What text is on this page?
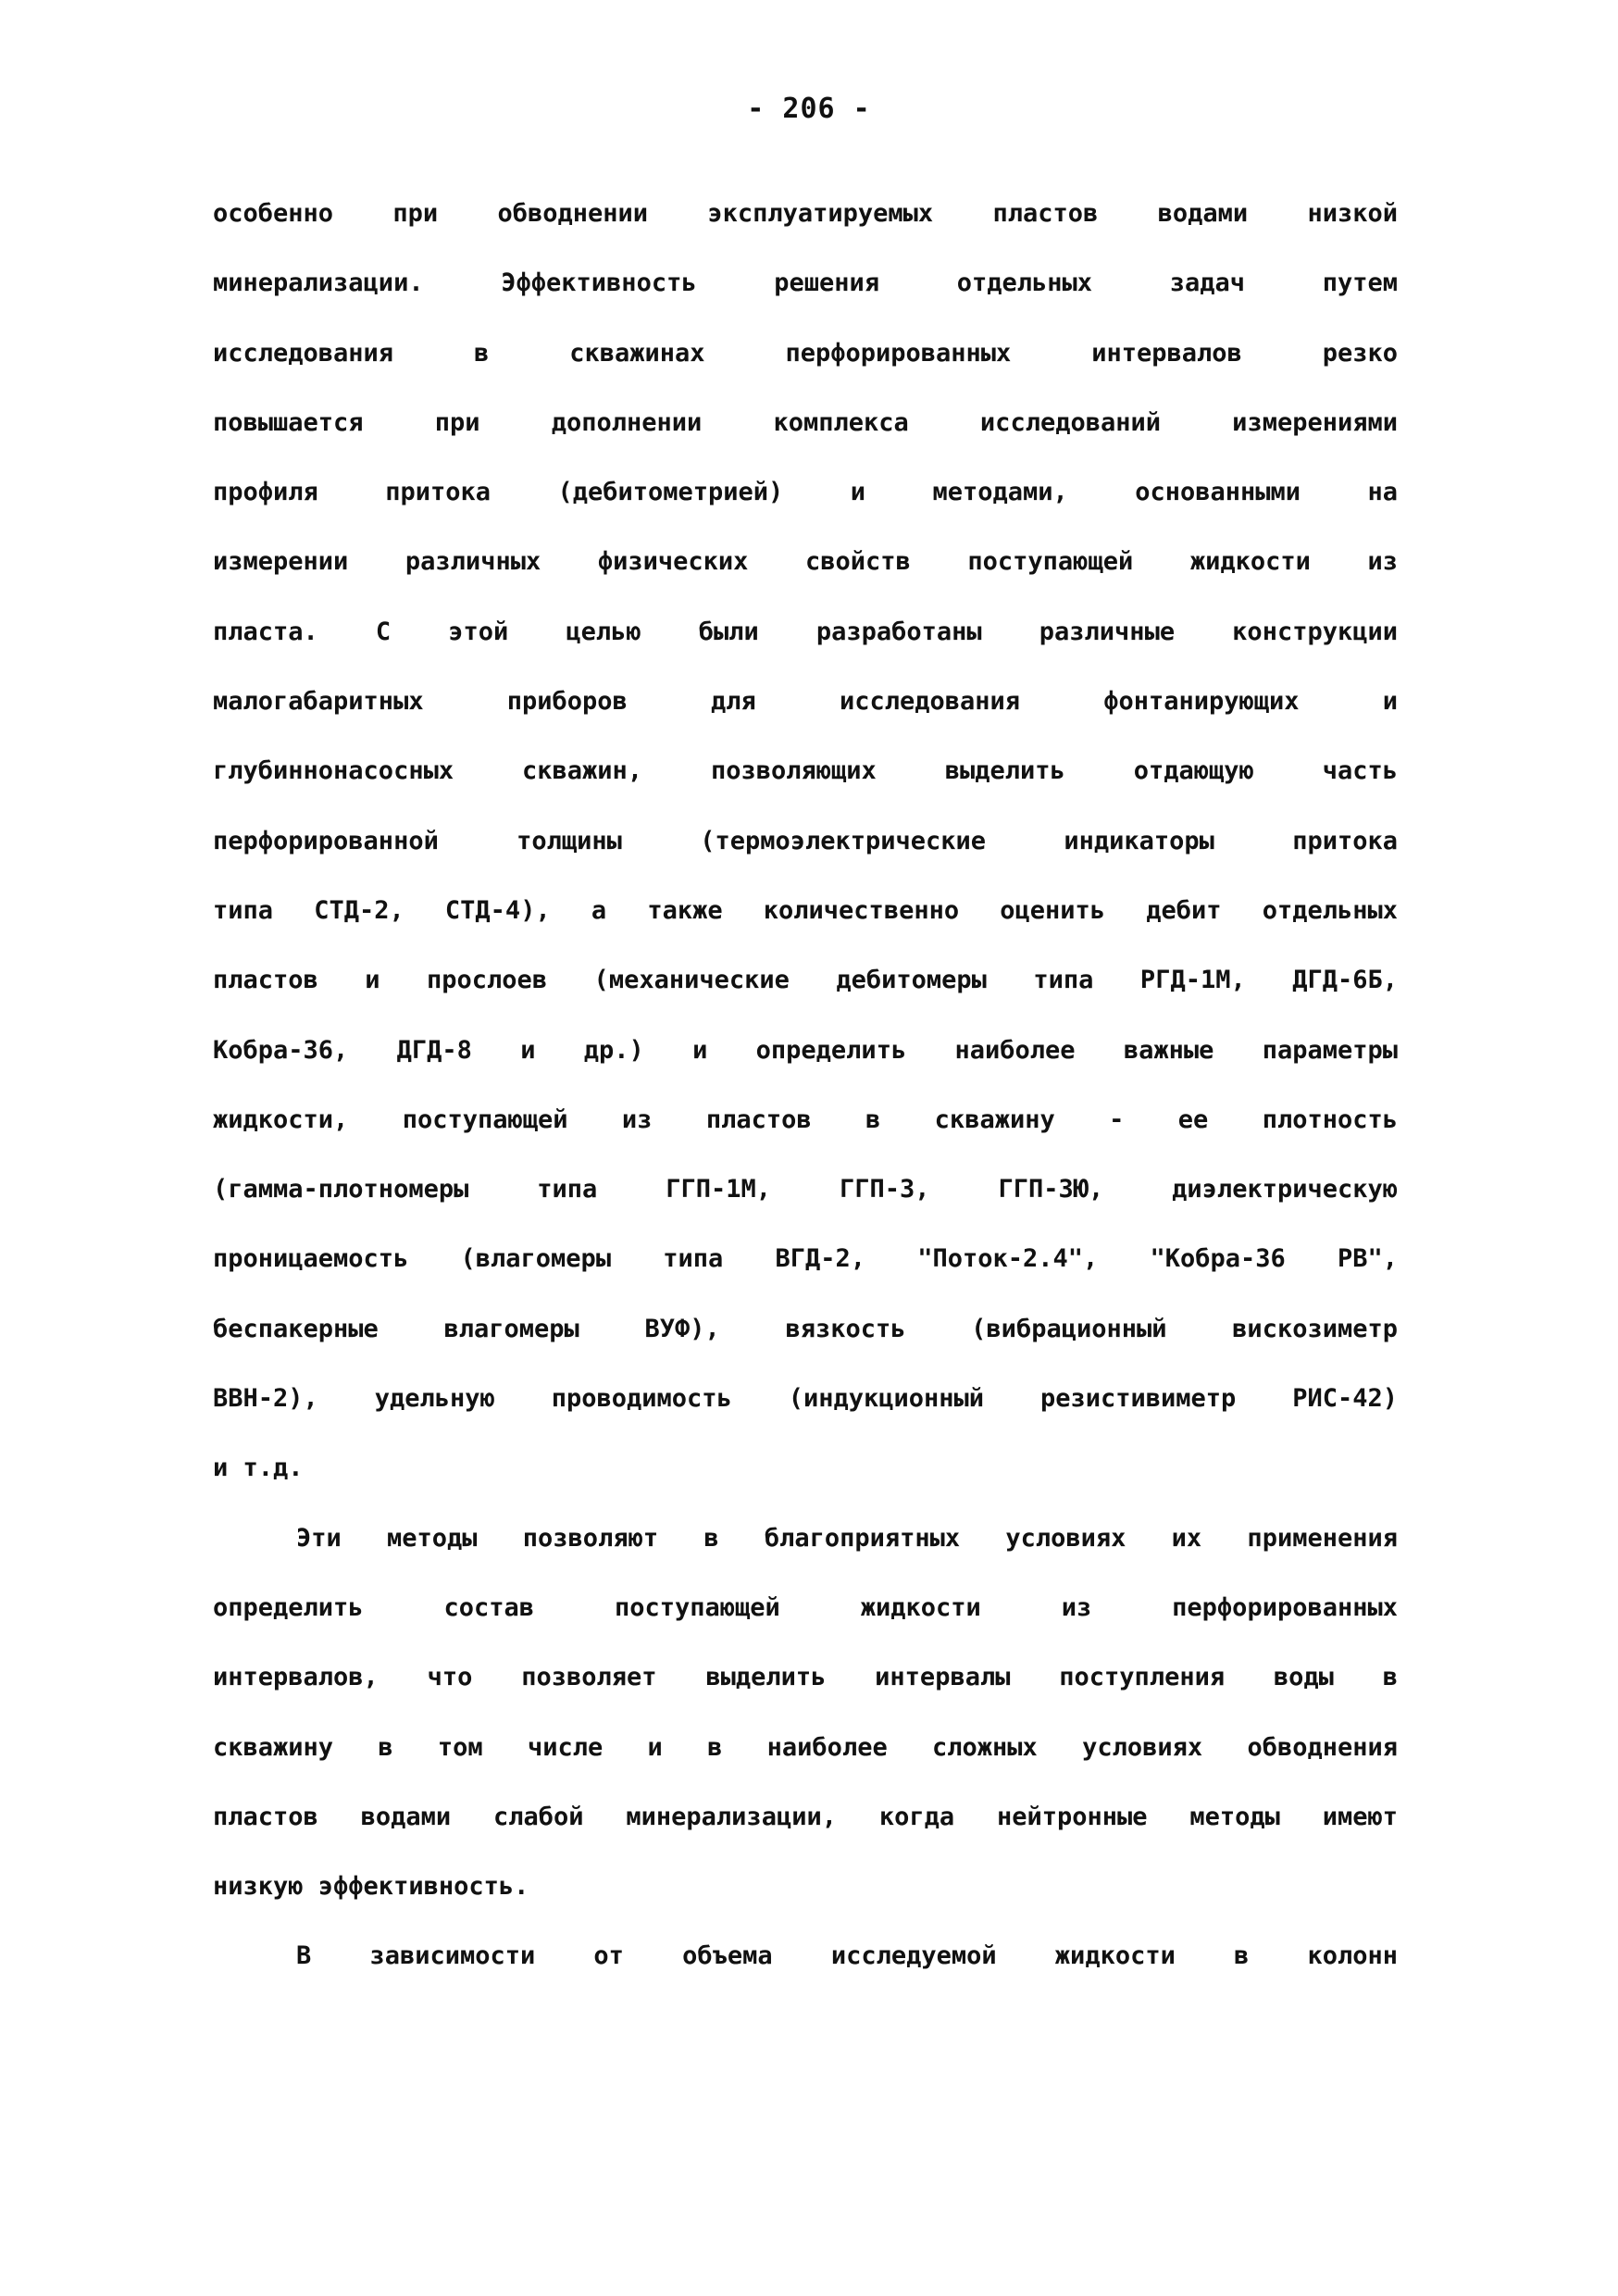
- 206 -
особенно при обводнении эксплуатируемых пластов водами низкой
минерализации. Эффективность решения отдельных задач путем
исследования в скважинах перфорированных интервалов резко
повышается при дополнении комплекса исследований измерениями
профиля притока (дебитометрией) и методами, основанными на
измерении различных физических свойств поступающей жидкости из
пласта. С этой целью были разработаны различные конструкции
малогабаритных приборов для исследования фонтанирующих и
глубиннонасосных скважин, позволяющих выделить отдающую часть
перфорированной толщины (термоэлектрические индикаторы притока
типа СТД-2, СТД-4), а также количественно оценить дебит отдельных
пластов и прослоев (механические дебитомеры типа РГД-1М, ДГД-6Б,
Кобра-36, ДГД-8 и др.) и определить наиболее важные параметры
жидкости, поступающей из пластов в скважину - ее плотность
(гамма-плотномеры типа ГГП-1М, ГГП-3, ГГП-3Ю, диэлектрическую
проницаемость (влагомеры типа ВГД-2, "Поток-2.4", "Кобра-36 РВ",
беспакерные влагомеры ВУФ), вязкость (вибрационный вискозиметр
ВВН-2), удельную проводимость (индукционный резистивиметр РИС-42)
и т.д.
Эти методы позволяют в благоприятных условиях их применения
определить состав поступающей жидкости из перфорированных
интервалов, что позволяет выделить интервалы поступления воды в
скважину в том числе и в наиболее сложных условиях обводнения
пластов водами слабой минерализации, когда нейтронные методы имеют
низкую эффективность.
В зависимости от объема исследуемой жидкости в колонн
